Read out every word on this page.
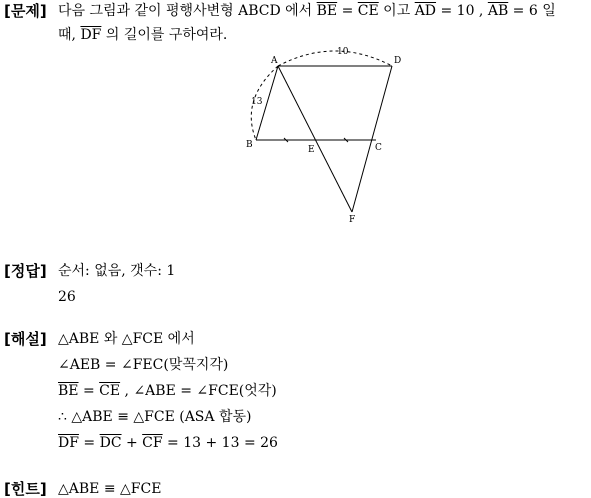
[문제] 다음 그림과 같이 평행사변형 ABCD 에서 $\overline{BE} = \overline{CE}$ 이고 $\overline{AD} = 10$ , $\overline{AB} = 6$ 일
때, $\overline{DF}$ 의 길이를 구하여라.
A	D
B	E	C
F
10
13
[정답] 순서: 없음, 갯수: 1
26
[해설] △ABE 와 △FCE 에서
∠AEB = ∠FEC(맞꼭지각)
$\overline{BE} = \overline{CE}$ , ∠ABE = ∠FCE(엇각)
∴ △ABE ≡ △FCE (ASA 합동)
$\overline{DF} = \overline{DC} + \overline{CF} = 13 + 13 = 26$
[힌트] △ABE ≡ △FCE
